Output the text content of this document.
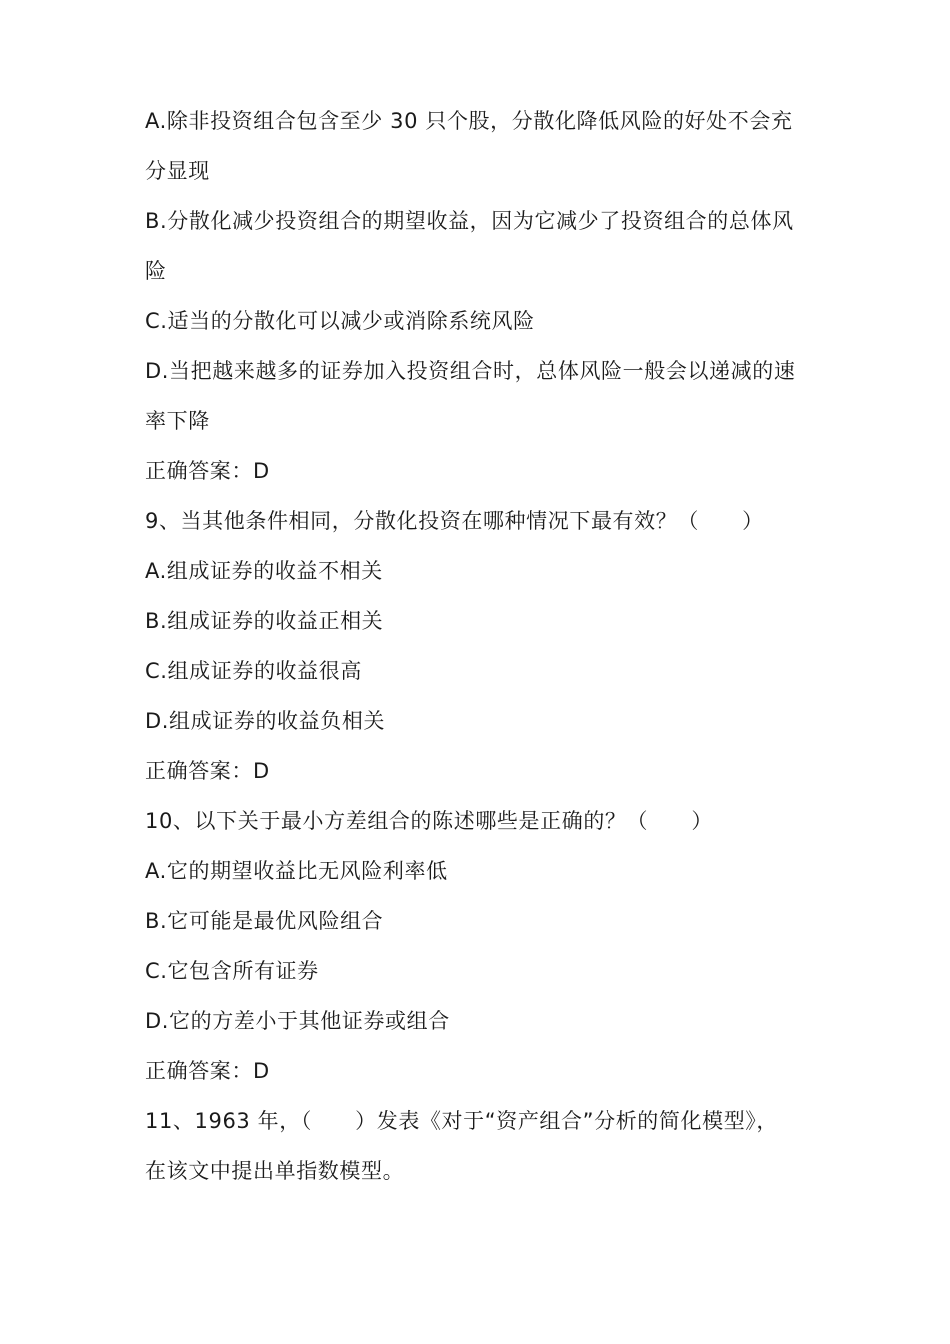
A.除非投资组合包含至少 30 只个股，分散化降低风险的好处不会充
分显现
B.分散化减少投资组合的期望收益，因为它减少了投资组合的总体风
险
C.适当的分散化可以减少或消除系统风险
D.当把越来越多的证券加入投资组合时，总体风险一般会以递减的速
率下降
正确答案：D
9、当其他条件相同，分散化投资在哪种情况下最有效？（　　）
A.组成证券的收益不相关
B.组成证券的收益正相关
C.组成证券的收益很高
D.组成证券的收益负相关
正确答案：D
10、以下关于最小方差组合的陈述哪些是正确的？（　　）
A.它的期望收益比无风险利率低
B.它可能是最优风险组合
C.它包含所有证券
D.它的方差小于其他证券或组合
正确答案：D
11、1963 年，（　　）发表《对于“资产组合”分析的简化模型》，
在该文中提出单指数模型。
